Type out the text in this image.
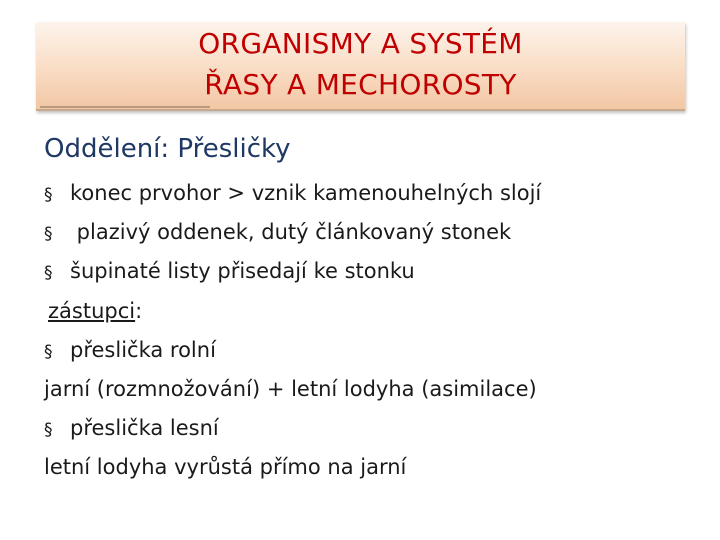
ORGANISMY A SYSTÉM
ŘASY A MECHOROSTY
Oddělení: Přesličky
§ konec prvohor > vznik kamenouhelných slojí
§ plazivý oddenek, dutý článkovaný stonek
§ šupinaté listy přisedají ke stonku
zástupci:
§ přeslička rolní
jarní (rozmnožování) + letní lodyha (asimilace)
§ přeslička lesní
letní lodyha vyrůstá přímo na jarní
